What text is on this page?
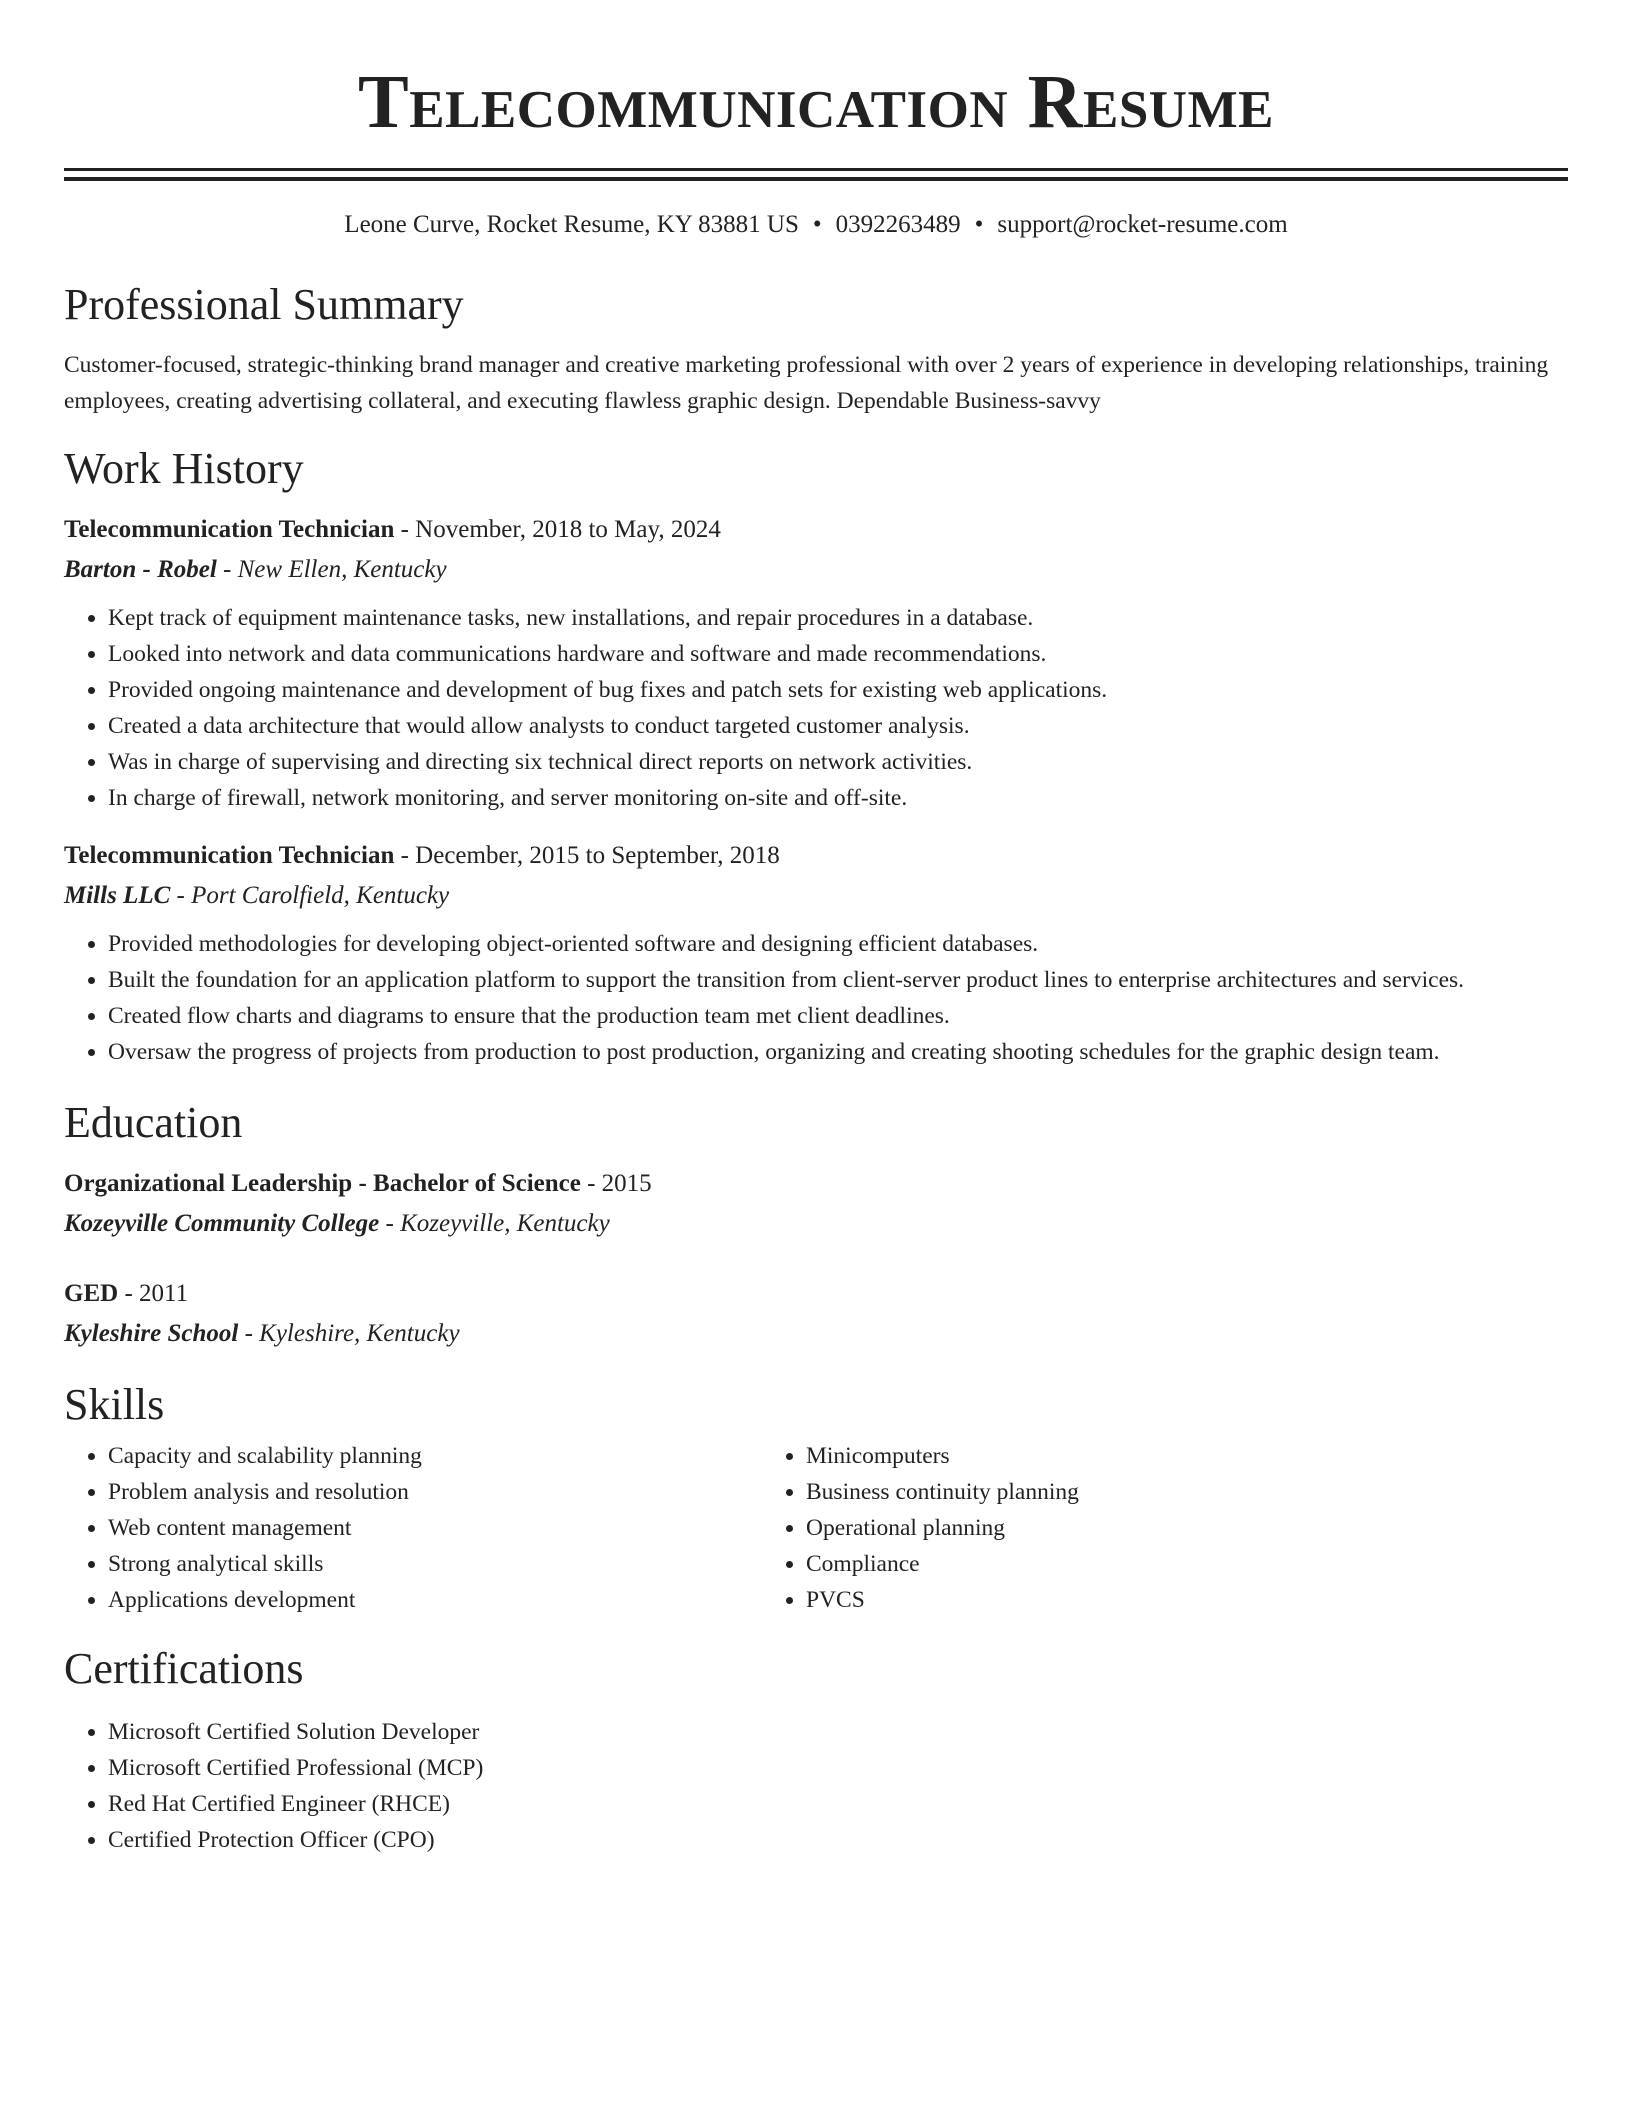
Telecommunication Resume
Leone Curve, Rocket Resume, KY 83881 US • 0392263489 • support@rocket-resume.com
Professional Summary
Customer-focused, strategic-thinking brand manager and creative marketing professional with over 2 years of experience in developing relationships, training employees, creating advertising collateral, and executing flawless graphic design. Dependable Business-savvy
Work History
Telecommunication Technician - November, 2018 to May, 2024
Barton - Robel - New Ellen, Kentucky
• Kept track of equipment maintenance tasks, new installations, and repair procedures in a database.
• Looked into network and data communications hardware and software and made recommendations.
• Provided ongoing maintenance and development of bug fixes and patch sets for existing web applications.
• Created a data architecture that would allow analysts to conduct targeted customer analysis.
• Was in charge of supervising and directing six technical direct reports on network activities.
• In charge of firewall, network monitoring, and server monitoring on-site and off-site.
Telecommunication Technician - December, 2015 to September, 2018
Mills LLC - Port Carolfield, Kentucky
• Provided methodologies for developing object-oriented software and designing efficient databases.
• Built the foundation for an application platform to support the transition from client-server product lines to enterprise architectures and services.
• Created flow charts and diagrams to ensure that the production team met client deadlines.
• Oversaw the progress of projects from production to post production, organizing and creating shooting schedules for the graphic design team.
Education
Organizational Leadership - Bachelor of Science - 2015
Kozeyville Community College - Kozeyville, Kentucky
GED - 2011
Kyleshire School - Kyleshire, Kentucky
Skills
• Capacity and scalability planning
• Problem analysis and resolution
• Web content management
• Strong analytical skills
• Applications development
• Minicomputers
• Business continuity planning
• Operational planning
• Compliance
• PVCS
Certifications
• Microsoft Certified Solution Developer
• Microsoft Certified Professional (MCP)
• Red Hat Certified Engineer (RHCE)
• Certified Protection Officer (CPO)
